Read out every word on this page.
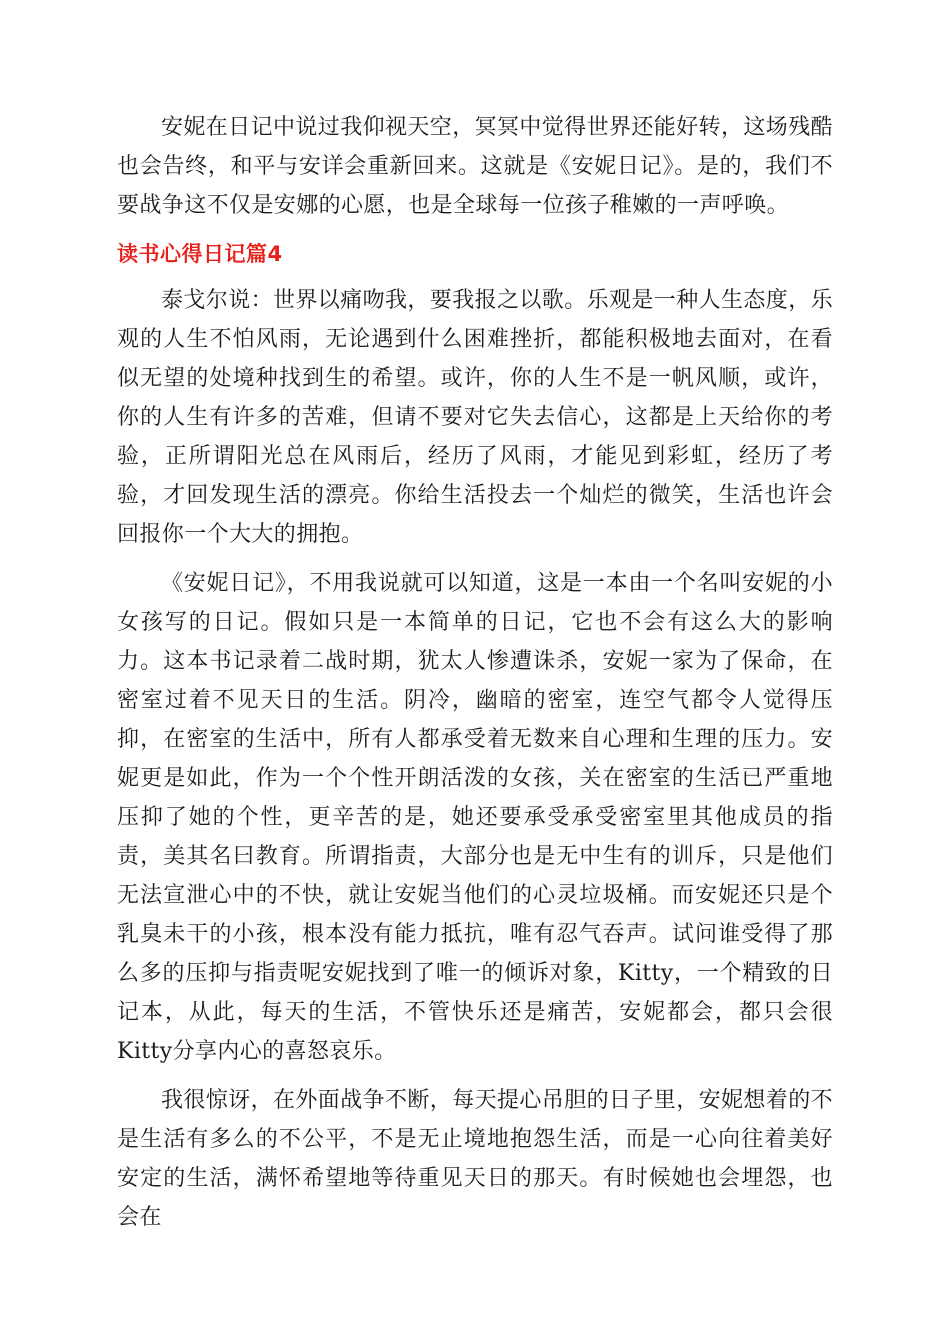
安妮在日记中说过我仰视天空，冥冥中觉得世界还能好转，这场残酷也会告终，和平与安详会重新回来。这就是《安妮日记》。是的，我们不要战争这不仅是安娜的心愿，也是全球每一位孩子稚嫩的一声呼唤。

读书心得日记篇4

泰戈尔说：世界以痛吻我，要我报之以歌。乐观是一种人生态度，乐观的人生不怕风雨，无论遇到什么困难挫折，都能积极地去面对，在看似无望的处境种找到生的希望。或许，你的人生不是一帆风顺，或许，你的人生有许多的苦难，但请不要对它失去信心，这都是上天给你的考验，正所谓阳光总在风雨后，经历了风雨，才能见到彩虹，经历了考验，才回发现生活的漂亮。你给生活投去一个灿烂的微笑，生活也许会回报你一个大大的拥抱。

《安妮日记》，不用我说就可以知道，这是一本由一个名叫安妮的小女孩写的日记。假如只是一本简单的日记，它也不会有这么大的影响力。这本书记录着二战时期，犹太人惨遭诛杀，安妮一家为了保命，在密室过着不见天日的生活。阴冷，幽暗的密室，连空气都令人觉得压抑，在密室的生活中，所有人都承受着无数来自心理和生理的压力。安妮更是如此，作为一个个性开朗活泼的女孩，关在密室的生活已严重地压抑了她的个性，更辛苦的是，她还要承受承受密室里其他成员的指责，美其名曰教育。所谓指责，大部分也是无中生有的训斥，只是他们无法宣泄心中的不快，就让安妮当他们的心灵垃圾桶。而安妮还只是个乳臭未干的小孩，根本没有能力抵抗，唯有忍气吞声。试问谁受得了那么多的压抑与指责呢安妮找到了唯一的倾诉对象，Kitty，一个精致的日记本，从此，每天的生活，不管快乐还是痛苦，安妮都会，都只会很Kitty分享内心的喜怒哀乐。

我很惊讶，在外面战争不断，每天提心吊胆的日子里，安妮想着的不是生活有多么的不公平，不是无止境地抱怨生活，而是一心向往着美好安定的生活，满怀希望地等待重见天日的那天。有时候她也会埋怨，也会在
